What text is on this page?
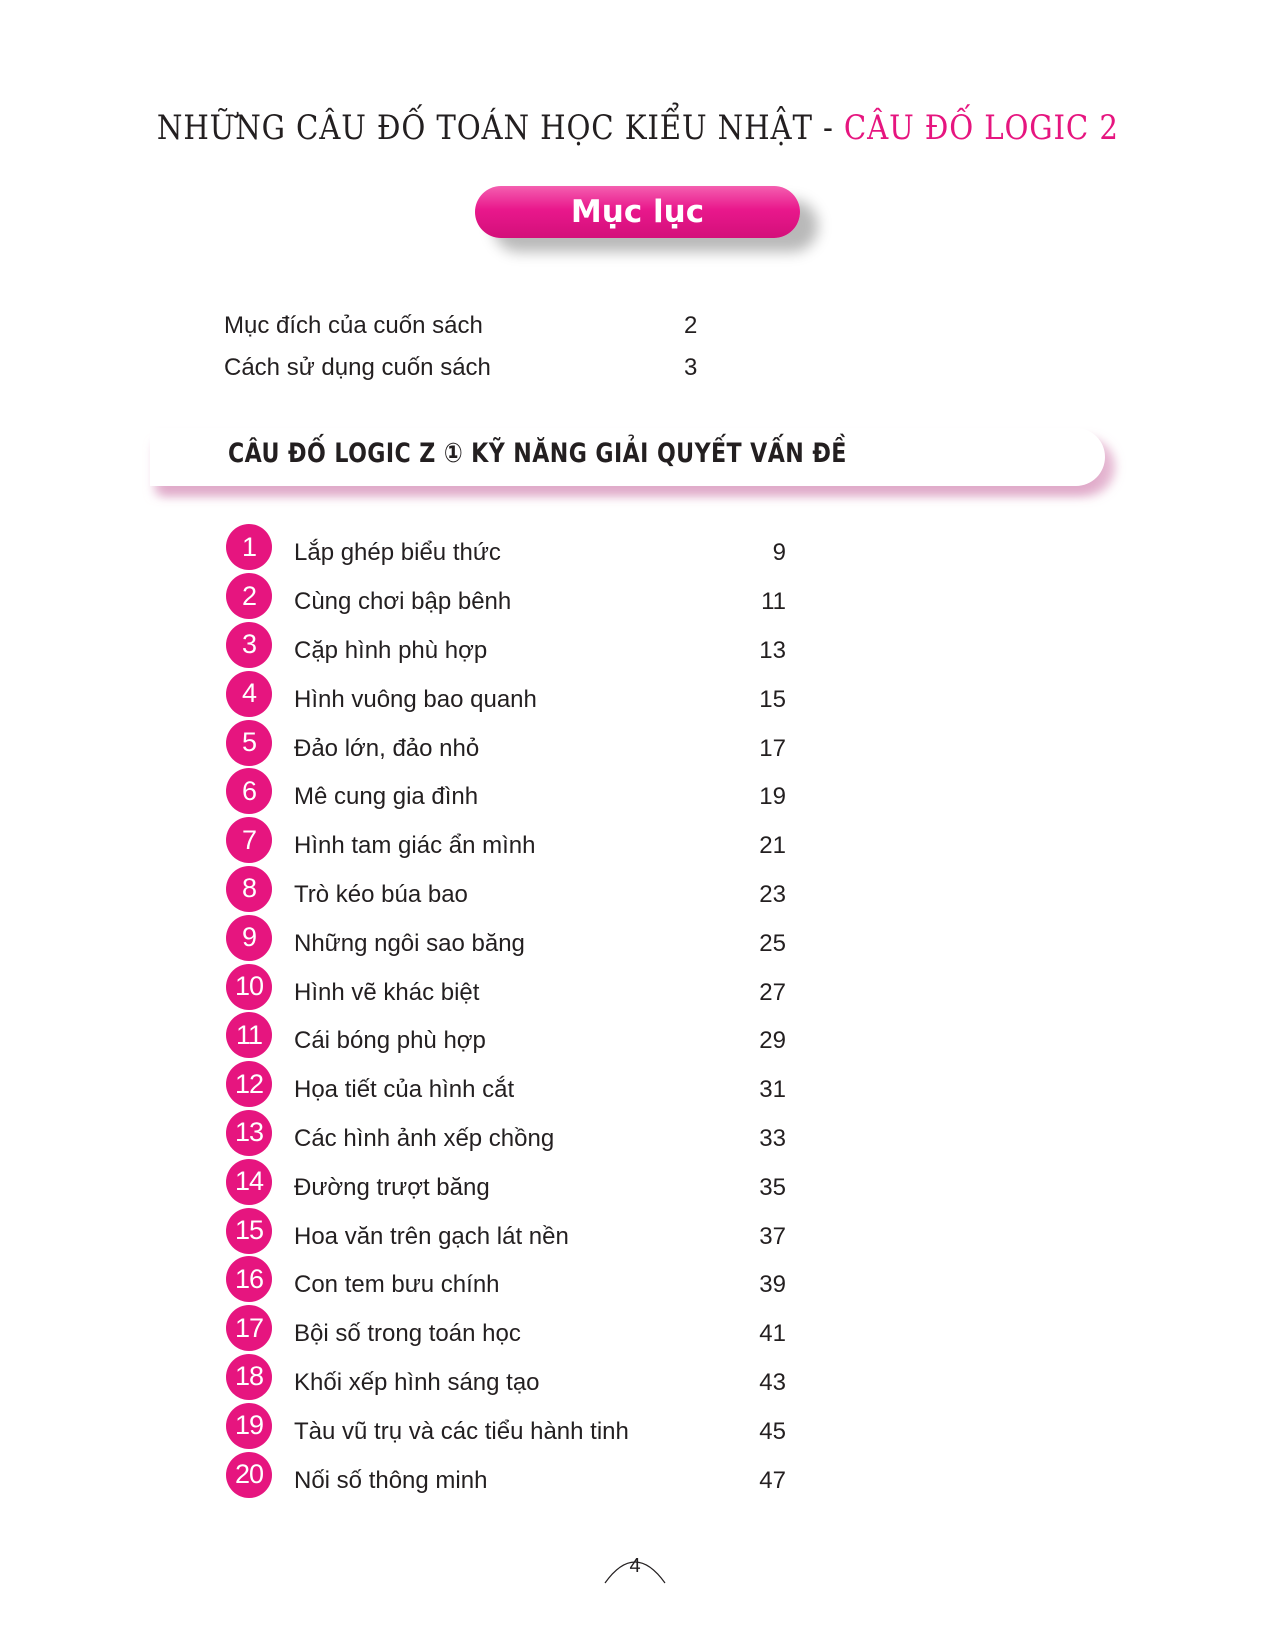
NHỮNG CÂU ĐỐ TOÁN HỌC KIỂU NHẬT - CÂU ĐỐ LOGIC 2
Mục lục
Mục đích của cuốn sách	2
Cách sử dụng cuốn sách	3
CÂU ĐỐ LOGIC Z ① KỸ NĂNG GIẢI QUYẾT VẤN ĐỀ
1	Lắp ghép biểu thức	9
2	Cùng chơi bập bênh	11
3	Cặp hình phù hợp	13
4	Hình vuông bao quanh	15
5	Đảo lớn, đảo nhỏ	17
6	Mê cung gia đình	19
7	Hình tam giác ẩn mình	21
8	Trò kéo búa bao	23
9	Những ngôi sao băng	25
10	Hình vẽ khác biệt	27
11	Cái bóng phù hợp	29
12	Họa tiết của hình cắt	31
13	Các hình ảnh xếp chồng	33
14	Đường trượt băng	35
15	Hoa văn trên gạch lát nền	37
16	Con tem bưu chính	39
17	Bội số trong toán học	41
18	Khối xếp hình sáng tạo	43
19	Tàu vũ trụ và các tiểu hành tinh	45
20	Nối số thông minh	47
4
